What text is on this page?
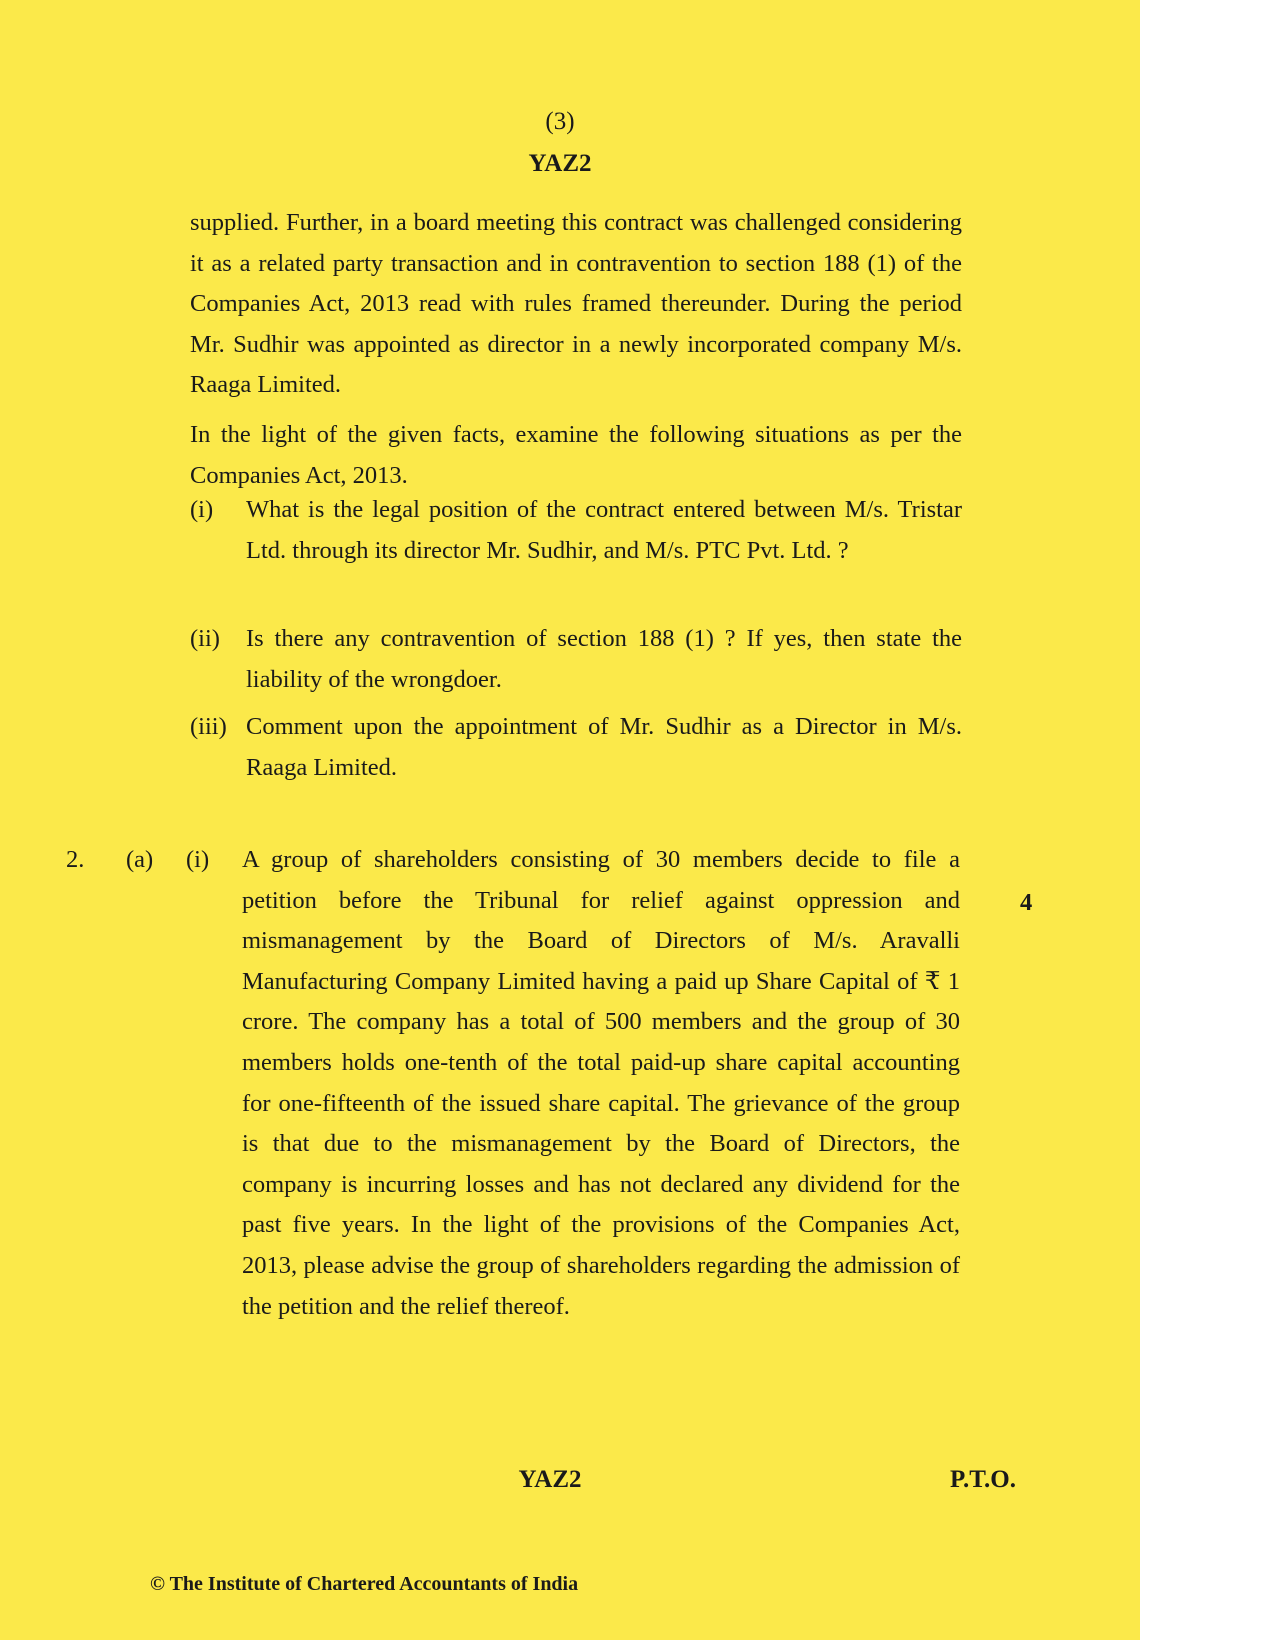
(3)
YAZ2
supplied. Further, in a board meeting this contract was challenged considering it as a related party transaction and in contravention to section 188 (1) of the Companies Act, 2013 read with rules framed thereunder. During the period Mr. Sudhir was appointed as director in a newly incorporated company M/s. Raaga Limited.
In the light of the given facts, examine the following situations as per the Companies Act, 2013.
(i) What is the legal position of the contract entered between M/s. Tristar Ltd. through its director Mr. Sudhir, and M/s. PTC Pvt. Ltd. ?
(ii) Is there any contravention of section 188 (1) ? If yes, then state the liability of the wrongdoer.
(iii) Comment upon the appointment of Mr. Sudhir as a Director in M/s. Raaga Limited.
2. (a) (i) A group of shareholders consisting of 30 members decide to file a petition before the Tribunal for relief against oppression and mismanagement by the Board of Directors of M/s. Aravalli Manufacturing Company Limited having a paid up Share Capital of ₹ 1 crore. The company has a total of 500 members and the group of 30 members holds one-tenth of the total paid-up share capital accounting for one-fifteenth of the issued share capital. The grievance of the group is that due to the mismanagement by the Board of Directors, the company is incurring losses and has not declared any dividend for the past five years. In the light of the provisions of the Companies Act, 2013, please advise the group of shareholders regarding the admission of the petition and the relief thereof.
4
YAZ2	P.T.O.
© The Institute of Chartered Accountants of India
